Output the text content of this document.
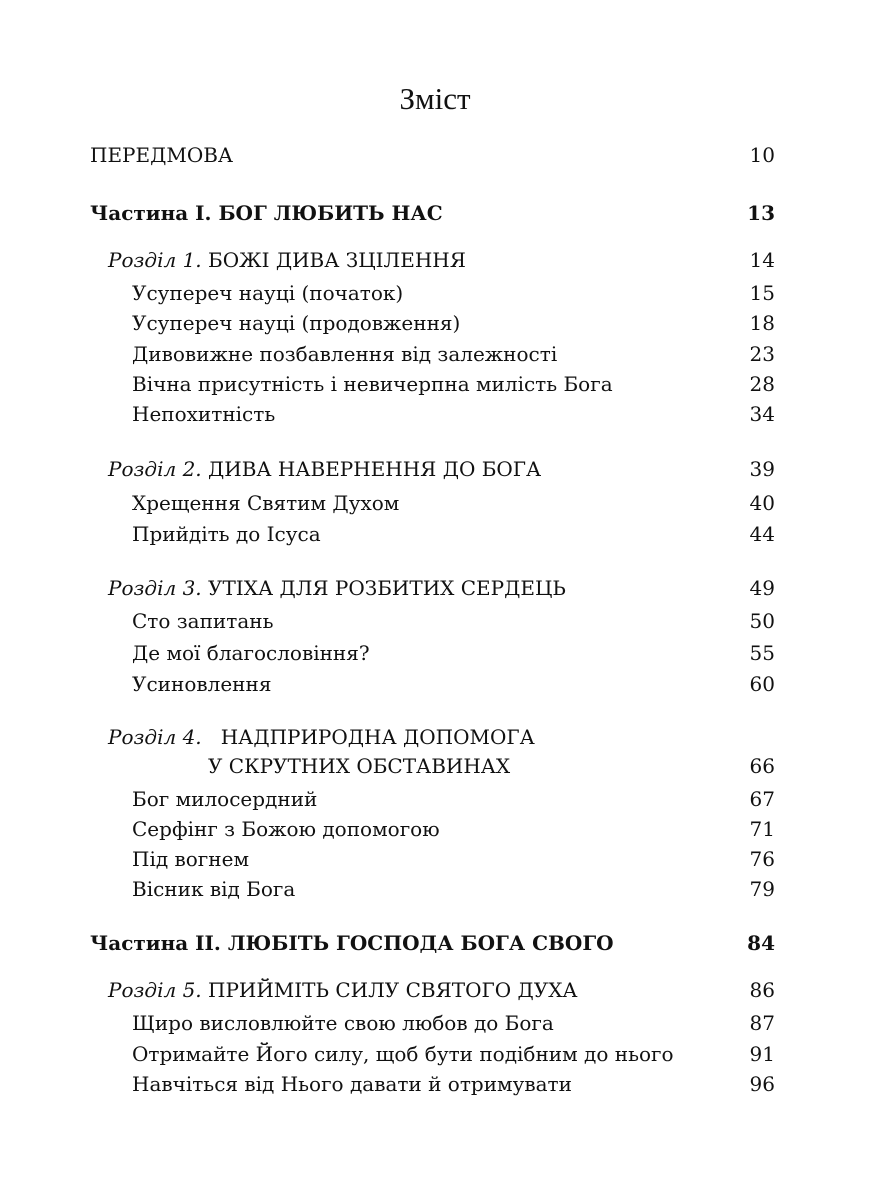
Зміст
ПЕРЕДМОВА	10
Частина І. БОГ ЛЮБИТЬ НАС	13
Розділ 1. БОЖІ ДИВА ЗЦІЛЕННЯ	14
Усупереч науці (початок)	15
Усупереч науці (продовження)	18
Дивовижне позбавлення від залежності	23
Вічна присутність і невичерпна милість Бога	28
Непохитність	34
Розділ 2. ДИВА НАВЕРНЕННЯ ДО БОГА	39
Хрещення Святим Духом	40
Прийдіть до Ісуса	44
Розділ 3. УТІХА ДЛЯ РОЗБИТИХ СЕРДЕЦЬ	49
Сто запитань	50
Де мої благословіння?	55
Усиновлення	60
Розділ 4. НАДПРИРОДНА ДОПОМОГА
У СКРУТНИХ ОБСТАВИНАХ	66
Бог милосердний	67
Серфінг з Божою допомогою	71
Під вогнем	76
Вісник від Бога	79
Частина ІІ. ЛЮБІТЬ ГОСПОДА БОГА СВОГО	84
Розділ 5. ПРИЙМІТЬ СИЛУ СВЯТОГО ДУХА	86
Щиро висловлюйте свою любов до Бога	87
Отримайте Його силу, щоб бути подібним до нього	91
Навчіться від Нього давати й отримувати	96
